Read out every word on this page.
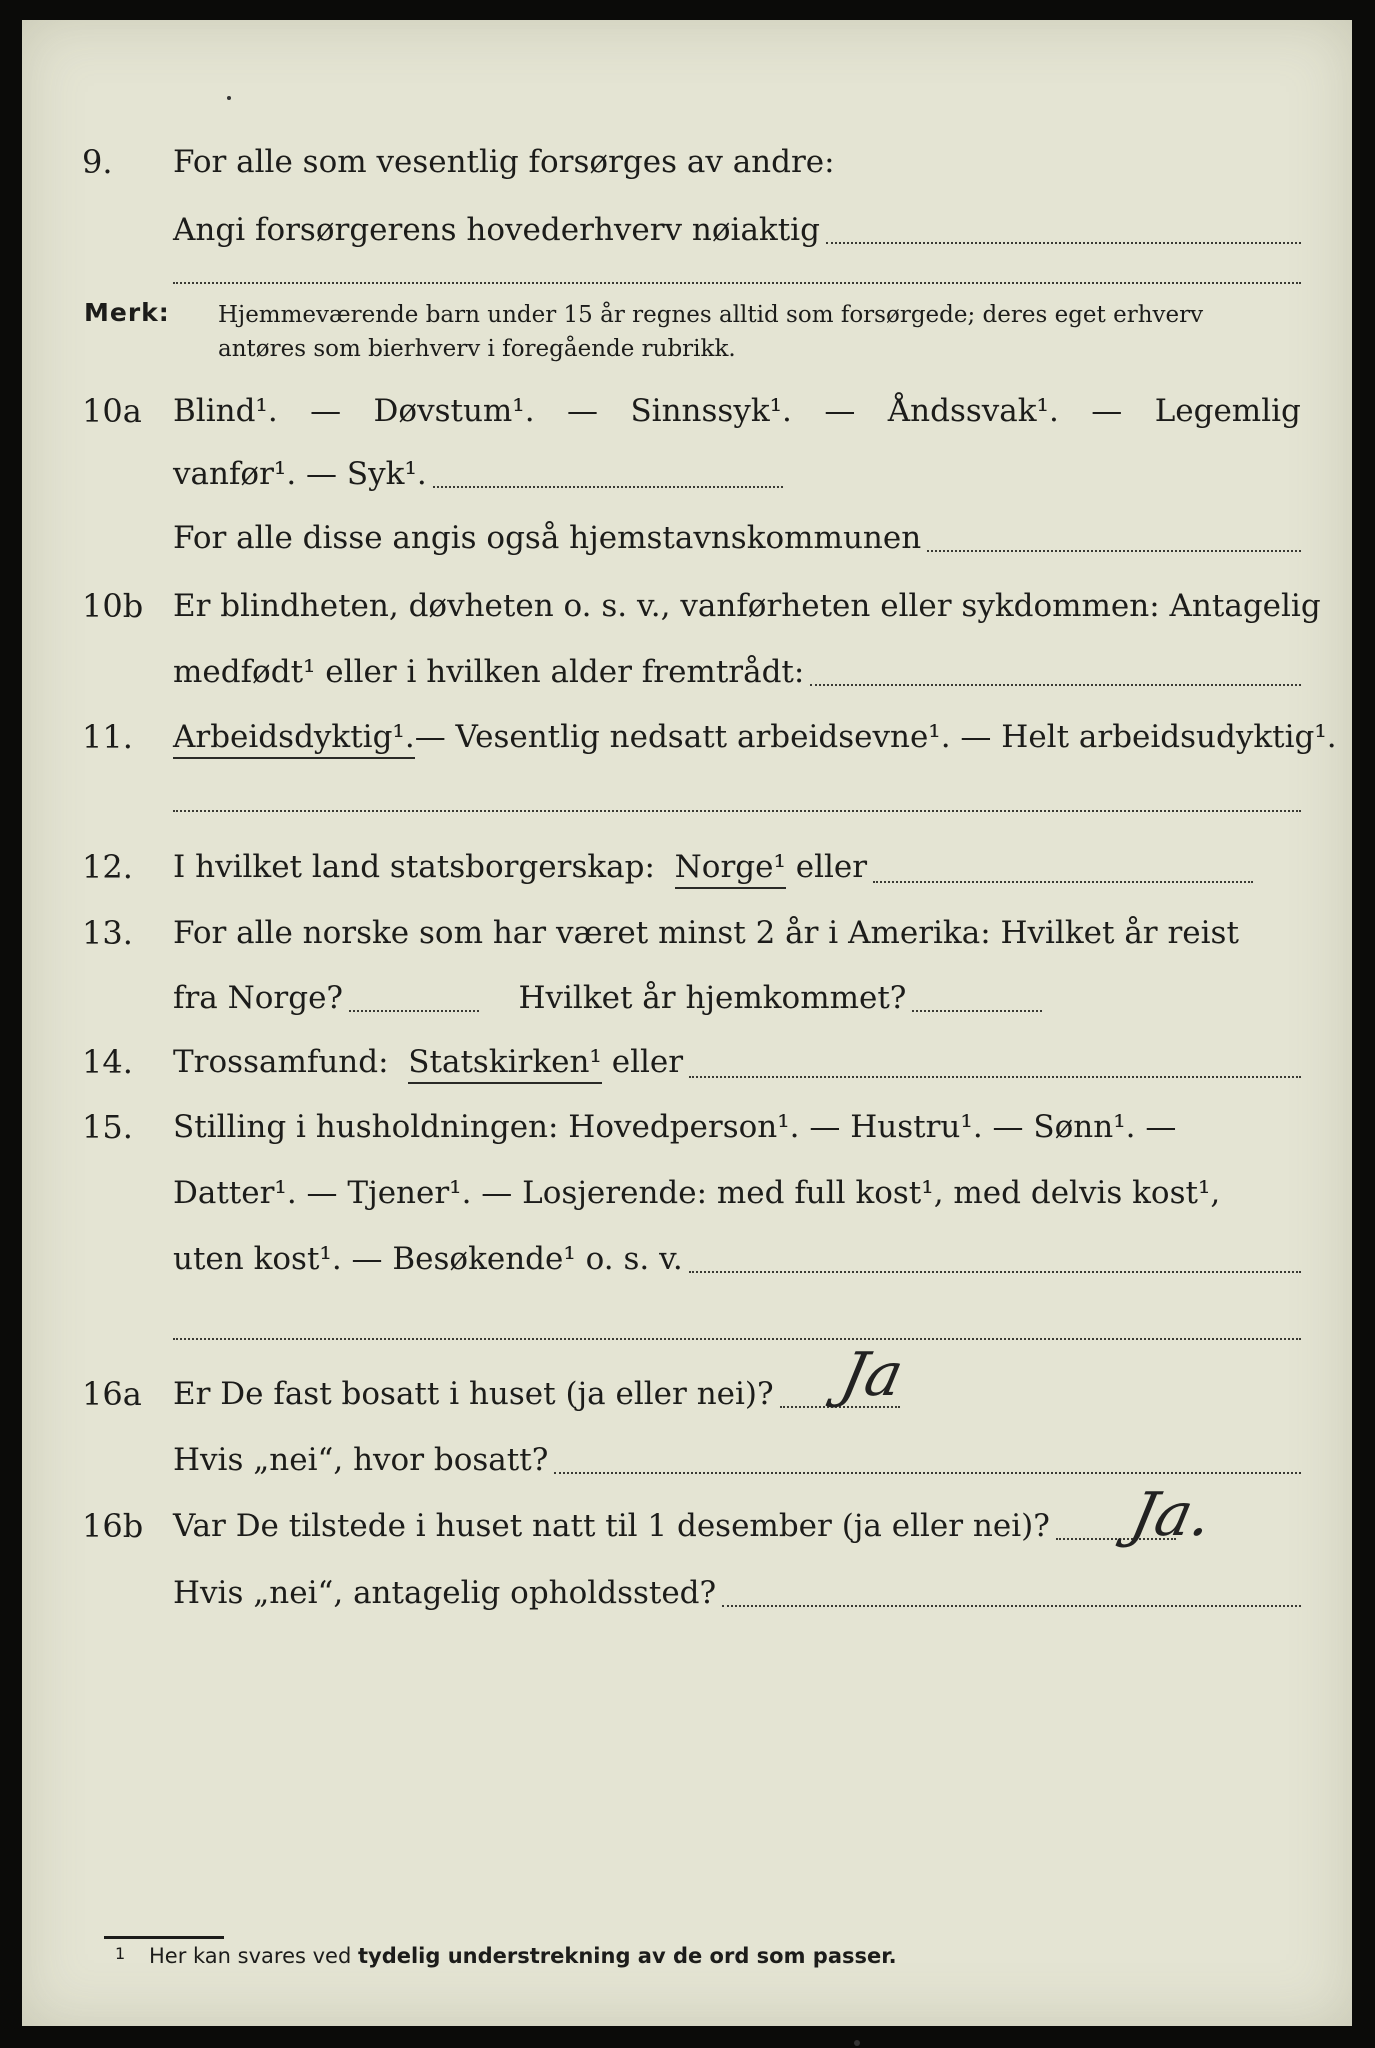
9. For alle som vesentlig forsørges av andre:
Angi forsørgerens hovederhverv nøiaktig
Merk: Hjemmeværende barn under 15 år regnes alltid som forsørgede; deres eget erhverv
antøres som bierhverv i foregående rubrikk.
10a Blind¹. — Døvstum¹. — Sinnssyk¹. — Åndssvak¹. — Legemlig
vanfør¹. — Syk¹.
For alle disse angis også hjemstavnskommunen
10b Er blindheten, døvheten o. s. v., vanførheten eller sykdommen: Antagelig
medfødt¹ eller i hvilken alder fremtrådt:
11. Arbeidsdyktig¹. — Vesentlig nedsatt arbeidsevne¹. — Helt arbeidsudyktig¹.
12. I hvilket land statsborgerskap:
Norge¹
eller
13. For alle norske som har været minst 2 år i Amerika: Hvilket år reist
fra Norge?
	Hvilket år hjemkommet?
14. Trossamfund:
Statskirken¹
eller
15. Stilling i husholdningen: Hovedperson¹. — Hustru¹. — Sønn¹. —
Datter¹. — Tjener¹. — Losjerende: med full kost¹, med delvis kost¹,
uten kost¹. — Besøkende¹ o. s. v.
16a Er De fast bosatt i huset (ja eller nei)? Ja
Hvis „nei“, hvor bosatt?
16b Var De tilstede i huset natt til 1 desember (ja eller nei)? Ja.
Hvis „nei“, antagelig opholdssted?
1 Her kan svares ved tydelig understrekning av de ord som passer.
